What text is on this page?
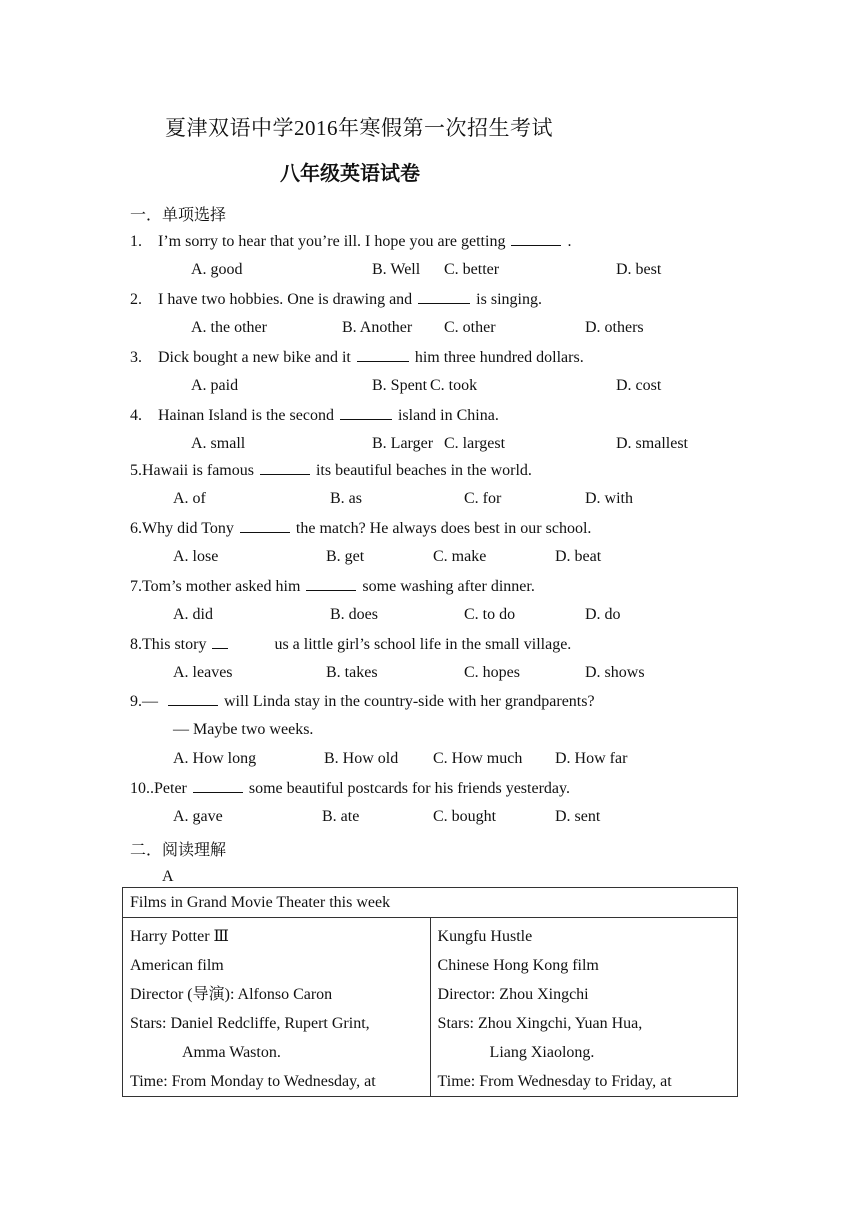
夏津双语中学2016年寒假第一次招生考试
八年级英语试卷
一．单项选择
1. I’m sorry to hear that you’re ill. I hope you are getting	.
A. good	B. Well C. better	D. best
2. I have two hobbies. One is drawing and	is singing.
A. the other	B. Another C. other	D. others
3. Dick bought a new bike and it	him three hundred dollars.
A. paid	B. Spent C. took	D. cost
4. Hainan Island is the second	island in China.
A. small	B. Larger C. largest	D. smallest
5.Hawaii is famous	its beautiful beaches in the world.
A. of	B. as	C. for	D. with
6.Why did Tony	the match? He always does best in our school.
A. lose	B. get	C. make	D. beat
7.Tom’s mother asked him	some washing after dinner.
A. did	B. does	C. to do	D. do
8.This story	us a little girl’s school life in the small village.
A. leaves	B. takes	C. hopes	D. shows
9.—	will Linda stay in the country-side with her grandparents?
— Maybe two weeks.
A. How long	B. How old C. How much D. How far
10..Peter	some beautiful postcards for his friends yesterday.
A. gave	B. ate	C. bought	D. sent
二．阅读理解
A
Films in Grand Movie Theater this week

Harry Potter Ⅲ
American film
Director (导演): Alfonso Caron
Stars: Daniel Redcliffe, Rupert Grint,
Amma Waston.
Time: From Monday to Wednesday, at

Kungfu Hustle
Chinese Hong Kong film
Director: Zhou Xingchi
Stars: Zhou Xingchi, Yuan Hua,
Liang Xiaolong.
Time: From Wednesday to Friday, at
